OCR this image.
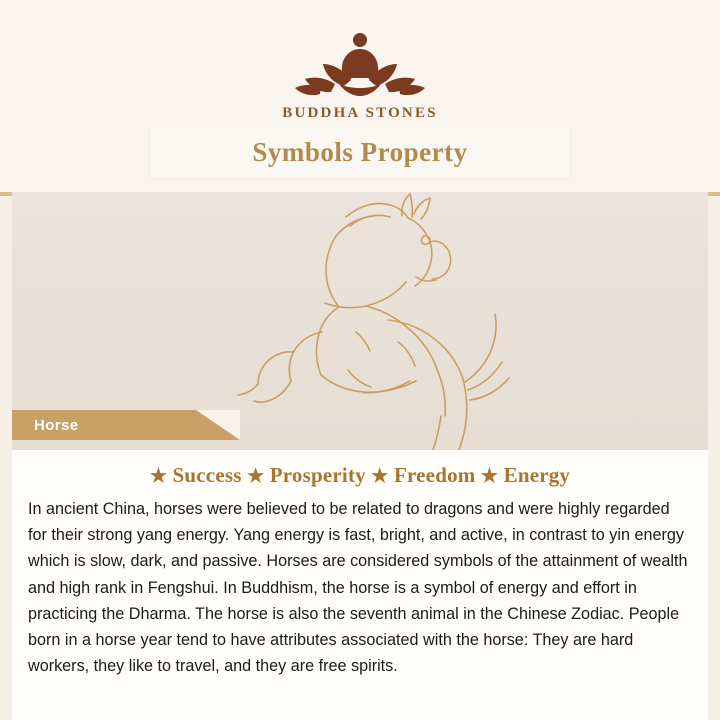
BUDDHA STONES
Symbols Property
Horse
★ Success ★ Prosperity ★ Freedom ★ Energy
In ancient China, horses were believed to be related to dragons and were highly regarded for their strong yang energy. Yang energy is fast, bright, and active, in contrast to yin energy which is slow, dark, and passive. Horses are considered symbols of the attainment of wealth and high rank in Fengshui. In Buddhism, the horse is a symbol of energy and effort in practicing the Dharma. The horse is also the seventh animal in the Chinese Zodiac. People born in a horse year tend to have attributes associated with the horse: They are hard workers, they like to travel, and they are free spirits.
